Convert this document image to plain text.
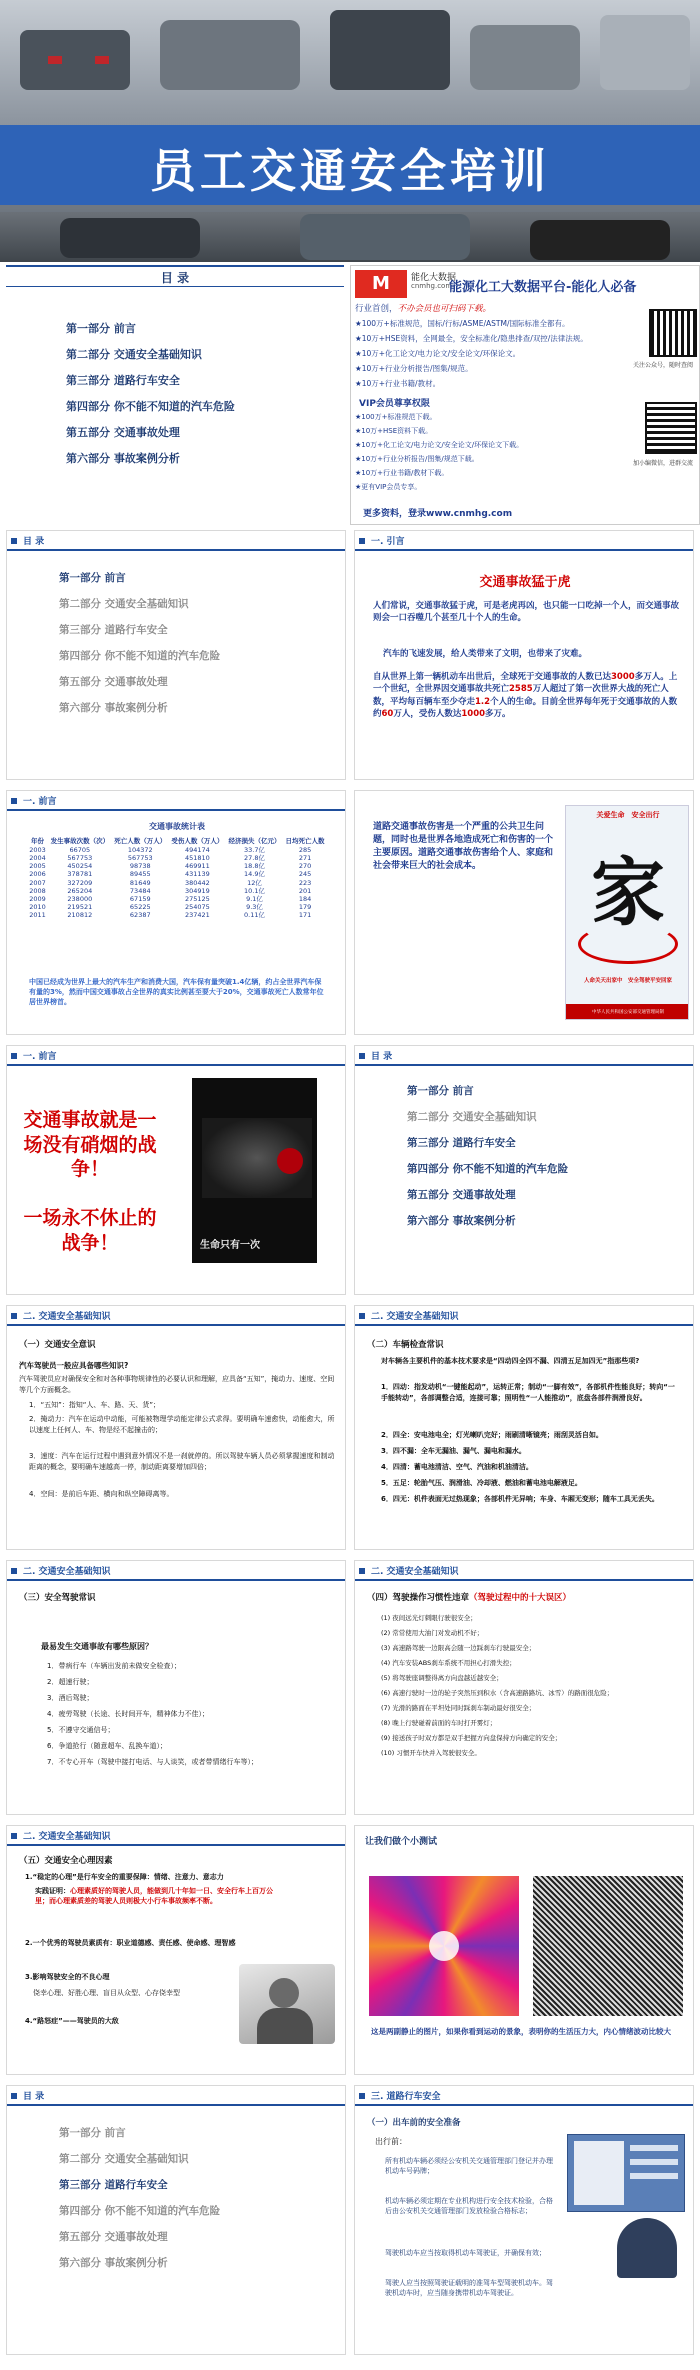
员工交通安全培训
目 录
第一部分 前言
第二部分 交通安全基础知识
第三部分 道路行车安全
第四部分 你不能不知道的汽车危险
第五部分 交通事故处理
第六部分 事故案例分析
M	能化大数据
cnmhg.com
能源化工大数据平台-能化人必备
行业首创，不办会员也可扫码下载。
★100万+标准规范，国标/行标/ASME/ASTM/国际标准全都有。
★10万+HSE资料，全网最全，安全标准化/隐患排查/双控/法律法规。
★10万+化工论文/电力论文/安全论文/环保论文。
★10万+行业分析报告/图集/规范。
★10万+行业书籍/教材。
VIP会员尊享权限
★100万+标准规范下载。
★10万+HSE资料下载。
★10万+化工论文/电力论文/安全论文/环保论文下载。
★10万+行业分析报告/图集/规范下载。
★10万+行业书籍/教材下载。
★更有VIP会员专享。
更多资料，登录www.cnmhg.com
关注公众号，随时查阅
加小编微信，进群交流
目 录
第一部分 前言
第二部分 交通安全基础知识
第三部分 道路行车安全
第四部分 你不能不知道的汽车危险
第五部分 交通事故处理
第六部分 事故案例分析
一. 引言
交通事故猛于虎
人们常说，交通事故猛于虎，可是老虎再凶，也只能一口吃掉一个人，而交通事故则会一口吞噬几个甚至几十个人的生命。
汽车的飞速发展，给人类带来了文明，也带来了灾难。
自从世界上第一辆机动车出世后，全球死于交通事故的人数已达3000多万人。上一个世纪，全世界因交通事故共死亡2585万人超过了第一次世界大战的死亡人数，平均每百辆车至少夺走1.2个人的生命。目前全世界每年死于交通事故的人数约60万人，受伤人数达1000多万。
一. 前言
交通事故统计表
年份	发生事故次数（次）	死亡人数（万人）	受伤人数（万人）	经济损失（亿元）	日均死亡人数
2003	66705	104372	494174	33.7亿	285
2004	567753	567753	451810	27.8亿	271
2005	450254	98738	469911	18.8亿	270
2006	378781	89455	431139	14.9亿	245
2007	327209	81649	380442	12亿	223
2008	265204	73484	304919	10.1亿	201
2009	238000	67159	275125	9.1亿	184
2010	219521	65225	254075	9.3亿	179
2011	210812	62387	237421	0.11亿	171
中国已经成为世界上最大的汽车生产和消费大国，汽车保有量突破1.4亿辆，约占全世界汽车保有量的3%，然而中国交通事故占全世界的真实比例甚至要大于20%，交通事故死亡人数常年位居世界榜首。
道路交通事故伤害是一个严重的公共卫生问题，同时也是世界各地造成死亡和伤害的一个主要原因。道路交通事故伤害给个人、家庭和社会带来巨大的社会成本。
关爱生命　安全出行
家
人命关天出家中　安全驾驶平安回家
中华人民共和国公安部交通管理局制
一. 前言
交通事故就是一场没有硝烟的战争！
一场永不休止的战争！	生命只有一次
目 录
第一部分 前言
第二部分 交通安全基础知识
第三部分 道路行车安全
第四部分 你不能不知道的汽车危险
第五部分 交通事故处理
第六部分 事故案例分析
二. 交通安全基础知识
（一）交通安全意识
汽车驾驶员一般应具备哪些知识?
汽车驾驶员应对确保安全和对各种事物规律性的必要认识和理解，应具备“五知”，掩动力、速度、空间等几个方面概念。
1．“五知”：指知“人、车、路、天、货”；
2．掩动力：汽车在运动中动能，可能被物理学动能定律公式求得。要明确车速愈快，动能愈大，所以速度上任何人、车、物是经不起撞击的；
3．速度：汽车在运行过程中遇到意外情况不是一刹就停的。所以驾驶车辆人员必须掌握速度和制动距离的概念，要明确车速越高一停，制动距离要增加四倍；
4．空间：是前后车距、横向和纵空障碍离等。
二. 交通安全基础知识
（二）车辆检查常识
对车辆各主要机件的基本技术要求是“四动四全四不漏、四清五足加四无”指那些项?
1．四动：指发动机“一键能起动”，运转正常；制动“一脚有效”，各部机件性能良好；转向“一手能转动”，各部调整合适，连接可靠；照明性“一人能推动”，底盘各部件润滑良好。
2．四全：安电池电全；灯光喇叭完好；雨刷清晰镜亮；雨刮灵活自如。
3．四不漏：全车无漏油、漏气、漏电和漏水。
4．四清：蓄电池清洁、空气、汽油和机油清洁。
5．五足：轮胎气压、润滑油、冷却液、燃油和蓄电池电解液足。
6．四无：机件表面无过热现象；各部机件无异响；车身、车厢无变形；随车工具无丢失。
二. 交通安全基础知识
（三）安全驾驶常识
最易发生交通事故有哪些原因？
1．带病行车（车辆出发前未做安全检查）；
2．超速行驶；
3．酒后驾驶；
4．疲劳驾驶（长途、长时间开车，精神体力不佳）；
5．不遵守交通信号；
6．争道抢行（随意超车、乱换车道）；
7．不专心开车（驾驶中接打电话、与人谈笑，或者带情绪行车等）；
二. 交通安全基础知识
（四）驾驶操作习惯性违章（驾驶过程中的十大误区）
(1) 夜间远光灯刺眼行驶很安全；
(2) 常常使用大油门对发动机不好；
(3) 高速路驾驶一边限高会随一边踩刹车行驶最安全；
(4) 汽车安装ABS刹车系统不用担心打滑失控；
(5) 将驾驶座调整得离方向盘越近越安全；
(6) 高速行驶时一边的轮子突然压到积水（含高速路路坑、冰雪）的路面很危险；
(7) 光滑的路面在平坦处同时踩刹车制动最好很安全；
(8) 晚上行驶碰着前面的车时打开雾灯；
(9) 接送孩子时双方都是双手把握方向盘保持方向确定的安全；
(10) 习惯开车快并入驾驶很安全。
二. 交通安全基础知识
（五）交通安全心理因素
1.“稳定的心理”是行车安全的重要保障：情绪、注意力、意志力
实践证明：心理素质好的驾驶人员，能做到几十年如一日、安全行车上百万公里；而心理素质差的驾驶人员则极大小行车事故频率不断。
2.一个优秀的驾驶员素质有：职业道德感、责任感、使命感、理智感
3.影响驾驶安全的不良心理
侥幸心理、好胜心理、盲目从众型、心存侥幸型
4.“路怒症”——驾驶员的大敌
让我们做个小测试
这是两副静止的图片，如果你看到运动的景象，表明你的生活压力大，内心情绪波动比较大
目 录
第一部分 前言
第二部分 交通安全基础知识
第三部分 道路行车安全
第四部分 你不能不知道的汽车危险
第五部分 交通事故处理
第六部分 事故案例分析
三. 道路行车安全
（一）出车前的安全准备
出行前：
所有机动车辆必须经公安机关交通管理部门登记并办理机动车号码牌；
机动车辆必须定期在专业机构进行安全技术检验，合格后由公安机关交通管理部门发放检验合格标志；
驾驶机动车应当按取得机动车驾驶证，并确保有效；
驾驶人应当按照驾驶证载明的准驾车型驾驶机动车。驾驶机动车时，应当随身携带机动车驾驶证。
